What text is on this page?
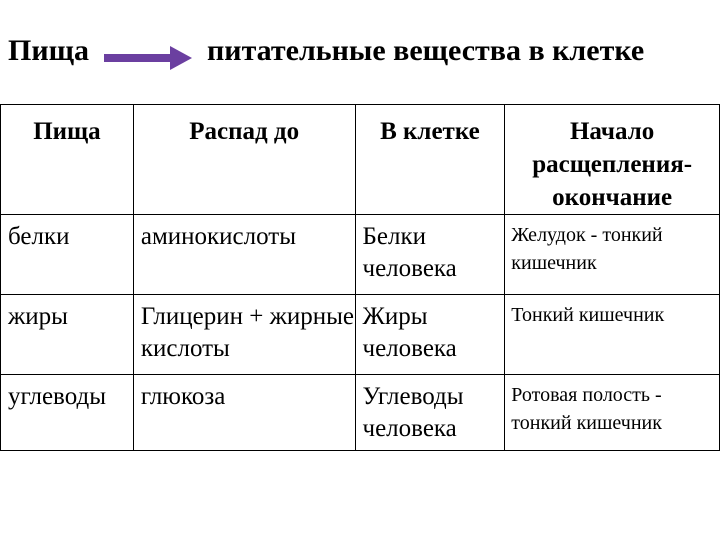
Пища	питательные вещества в клетке
Пища	Распад до	В клетке	Начало расщепления-окончание
белки	аминокислоты	Белки человека	Желудок - тонкий кишечник
жиры	Глицерин + жирные кислоты	Жиры человека	Тонкий кишечник
углеводы	глюкоза	Углеводы человека	Ротовая полость - тонкий кишечник
